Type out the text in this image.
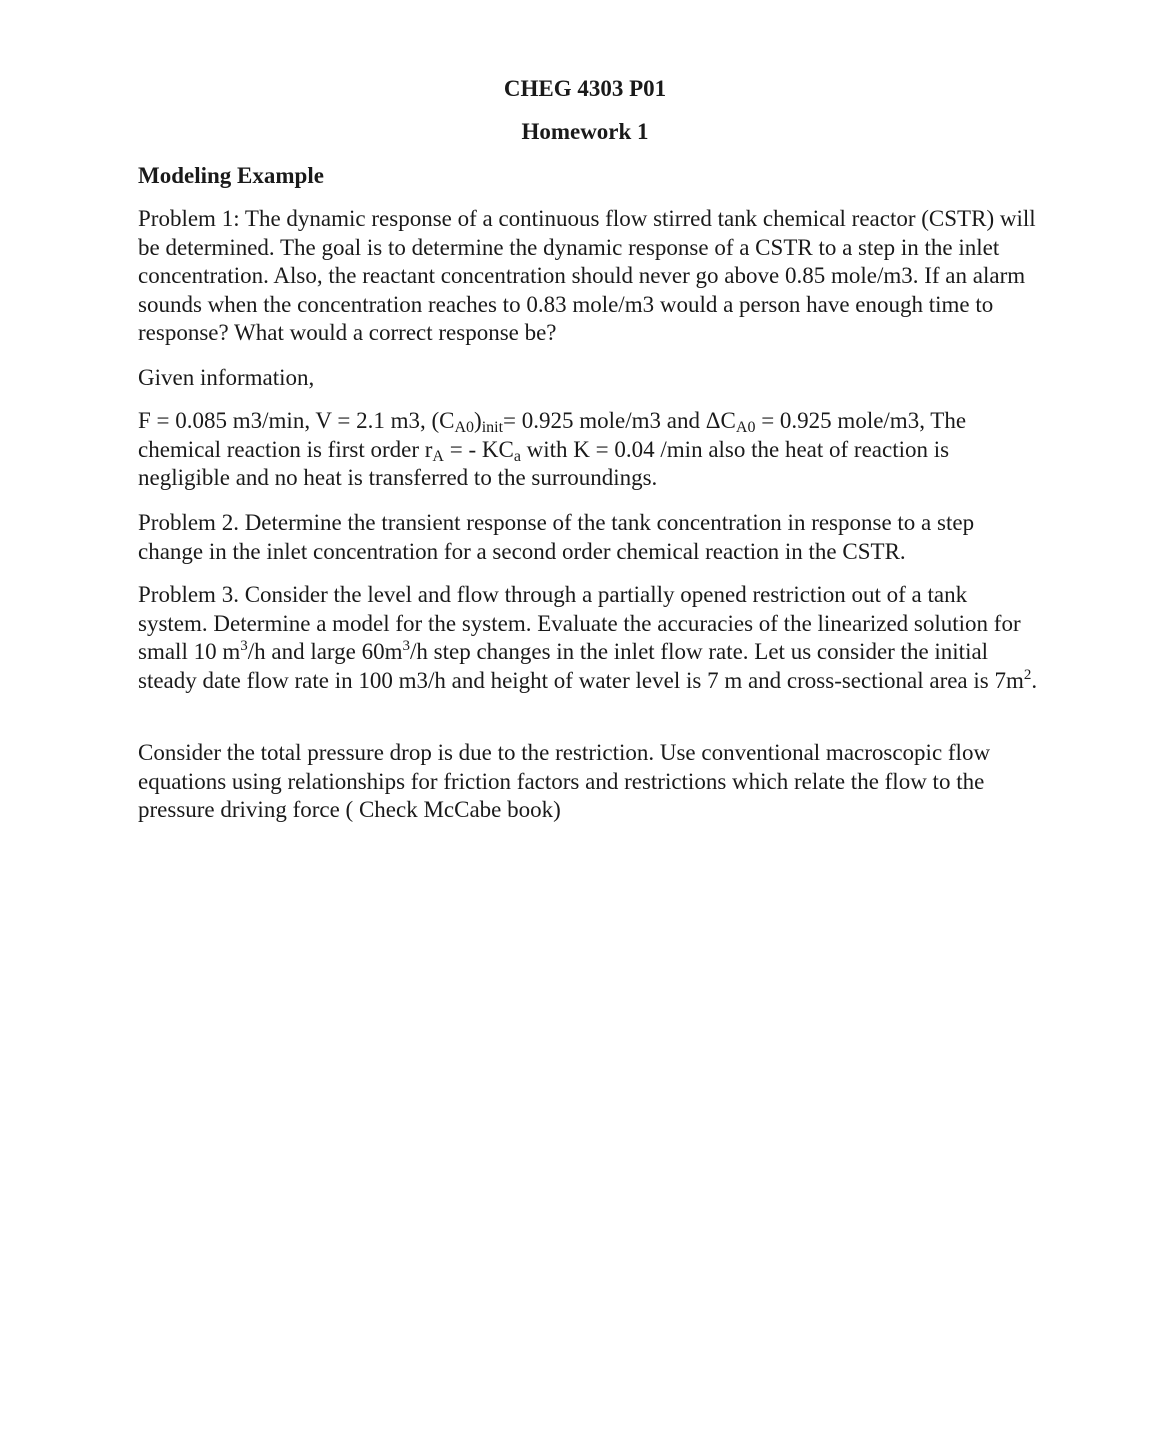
CHEG 4303 P01
Homework 1
Modeling Example
Problem 1: The dynamic response of a continuous flow stirred tank chemical reactor (CSTR) will be determined. The goal is to determine the dynamic response of a CSTR to a step in the inlet concentration. Also, the reactant concentration should never go above 0.85 mole/m3. If an alarm sounds when the concentration reaches to 0.83 mole/m3 would a person have enough time to response? What would a correct response be?
Given information,
F = 0.085 m3/min, V = 2.1 m3, $(C_{A0})_{init}= 0.925$ mole/m3 and $\Delta C_{A0} = 0.925$ mole/m3, The chemical reaction is first order $r_A$ = - $KC_a$ with K = 0.04 /min also the heat of reaction is negligible and no heat is transferred to the surroundings.
Problem 2. Determine the transient response of the tank concentration in response to a step change in the inlet concentration for a second order chemical reaction in the CSTR.
Problem 3. Consider the level and flow through a partially opened restriction out of a tank system. Determine a model for the system. Evaluate the accuracies of the linearized solution for small 10 $m^3/h$ and large $60m^3/h$ step changes in the inlet flow rate. Let us consider the initial steady date flow rate in 100 m3/h and height of water level is 7 m and cross-sectional area is $7m^2$.
Consider the total pressure drop is due to the restriction. Use conventional macroscopic flow equations using relationships for friction factors and restrictions which relate the flow to the pressure driving force ( Check McCabe book)
